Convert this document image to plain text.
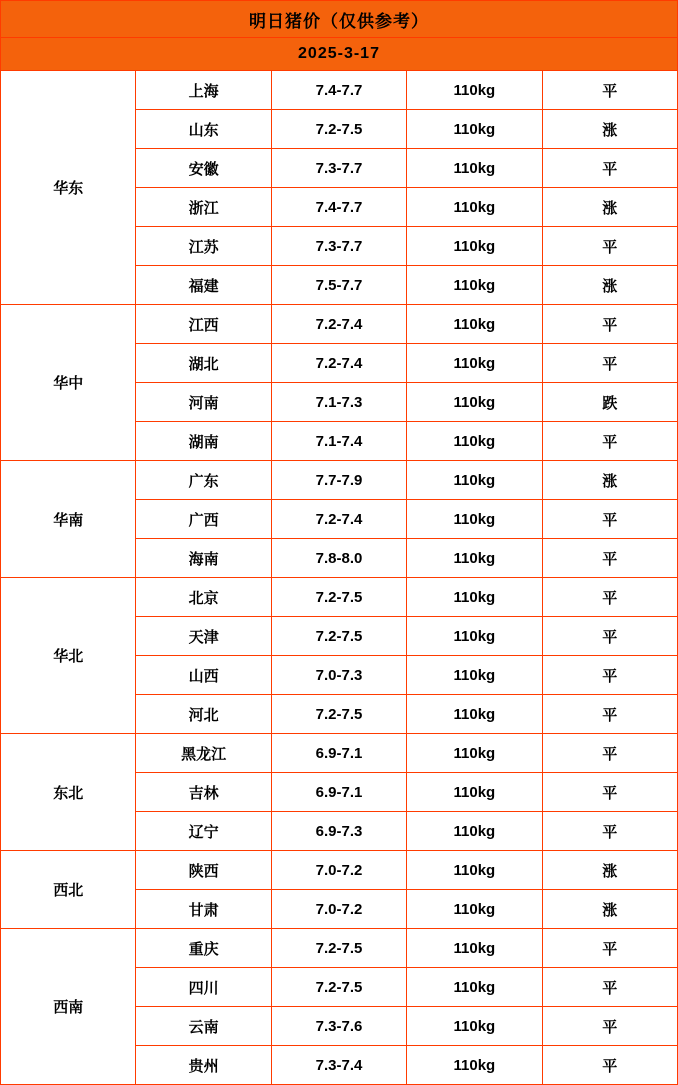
明日猪价（仅供参考）				
2025-3-17				
华东	上海	7.4-7.7	110kg	平
	山东	7.2-7.5	110kg	涨
	安徽	7.3-7.7	110kg	平
	浙江	7.4-7.7	110kg	涨
	江苏	7.3-7.7	110kg	平
	福建	7.5-7.7	110kg	涨
华中	江西	7.2-7.4	110kg	平
	湖北	7.2-7.4	110kg	平
	河南	7.1-7.3	110kg	跌
	湖南	7.1-7.4	110kg	平
华南	广东	7.7-7.9	110kg	涨
	广西	7.2-7.4	110kg	平
	海南	7.8-8.0	110kg	平
华北	北京	7.2-7.5	110kg	平
	天津	7.2-7.5	110kg	平
	山西	7.0-7.3	110kg	平
	河北	7.2-7.5	110kg	平
东北	黑龙江	6.9-7.1	110kg	平
	吉林	6.9-7.1	110kg	平
	辽宁	6.9-7.3	110kg	平
西北	陕西	7.0-7.2	110kg	涨
	甘肃	7.0-7.2	110kg	涨
西南	重庆	7.2-7.5	110kg	平
	四川	7.2-7.5	110kg	平
	云南	7.3-7.6	110kg	平
	贵州	7.3-7.4	110kg	平
